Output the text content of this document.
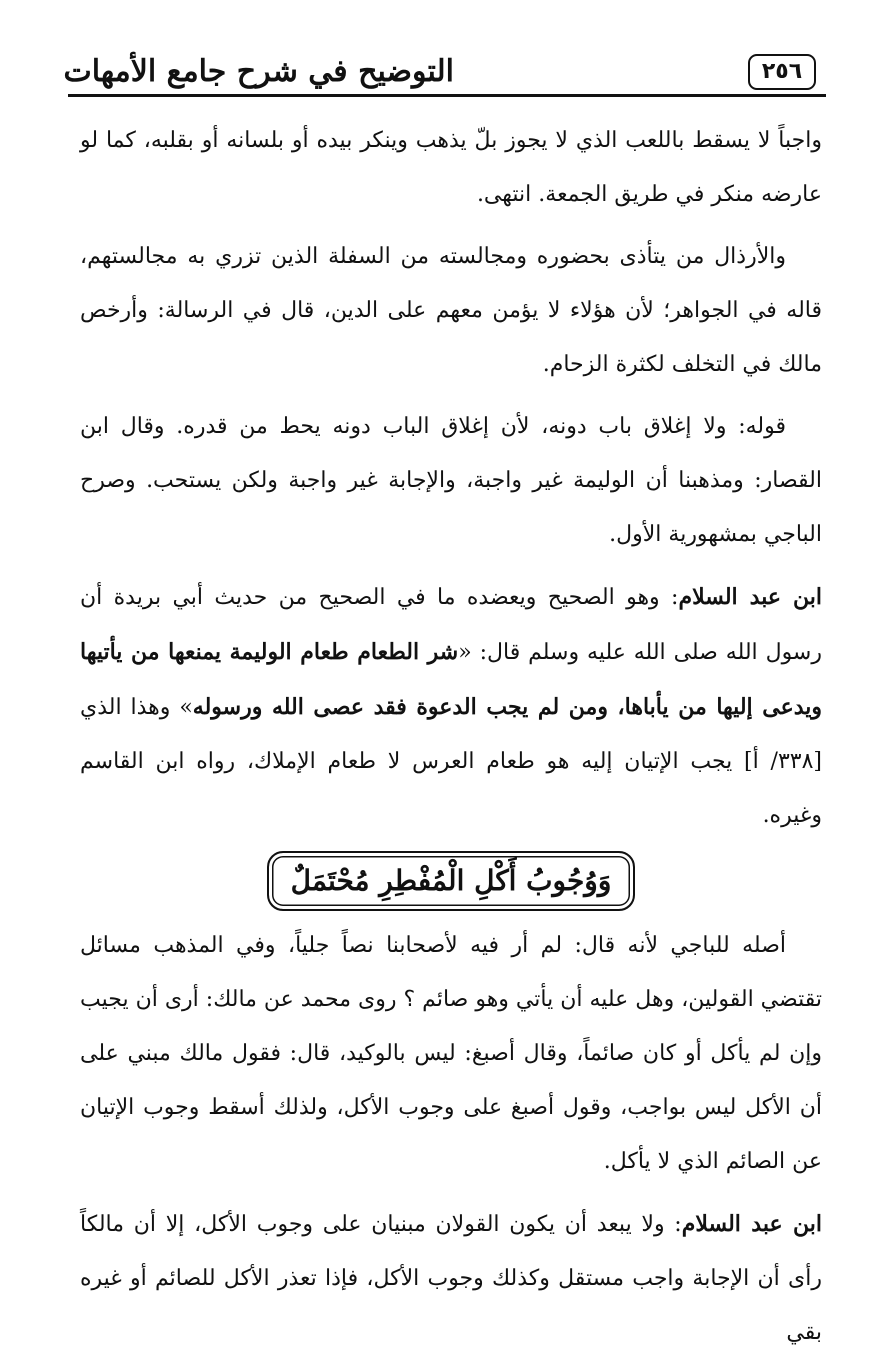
التوضيح في شرح جامع الأمهات	٢٥٦

واجباً لا يسقط باللعب الذي لا يجوز بلّ يذهب وينكر بيده أو بلسانه أو بقلبه، كما لو عارضه منكر في طريق الجمعة. انتهى.

والأرذال من يتأذى بحضوره ومجالسته من السفلة الذين تزري به مجالستهم، قاله في الجواهر؛ لأن هؤلاء لا يؤمن معهم على الدين، قال في الرسالة: وأرخص مالك في التخلف لكثرة الزحام.

قوله: ولا إغلاق باب دونه، لأن إغلاق الباب دونه يحط من قدره. وقال ابن القصار: ومذهبنا أن الوليمة غير واجبة، والإجابة غير واجبة ولكن يستحب. وصرح الباجي بمشهورية الأول.

ابن عبد السلام: وهو الصحيح ويعضده ما في الصحيح من حديث أبي بريدة أن رسول الله صلى الله عليه وسلم قال: «شر الطعام طعام الوليمة يمنعها من يأتيها ويدعى إليها من يأباها، ومن لم يجب الدعوة فقد عصى الله ورسوله» وهذا الذي [٣٣٨/ أ] يجب الإتيان إليه هو طعام العرس لا طعام الإملاك، رواه ابن القاسم وغيره.

وَوُجُوبُ أَكْلِ الْمُفْطِرِ مُحْتَمَلٌ

أصله للباجي لأنه قال: لم أر فيه لأصحابنا نصاً جلياً، وفي المذهب مسائل تقتضي القولين، وهل عليه أن يأتي وهو صائم ؟ روى محمد عن مالك: أرى أن يجيب وإن لم يأكل أو كان صائماً، وقال أصبغ: ليس بالوكيد، قال: فقول مالك مبني على أن الأكل ليس بواجب، وقول أصبغ على وجوب الأكل، ولذلك أسقط وجوب الإتيان عن الصائم الذي لا يأكل.

ابن عبد السلام: ولا يبعد أن يكون القولان مبنيان على وجوب الأكل، إلا أن مالكاً رأى أن الإجابة واجب مستقل وكذلك وجوب الأكل، فإذا تعذر الأكل للصائم أو غيره بقي
